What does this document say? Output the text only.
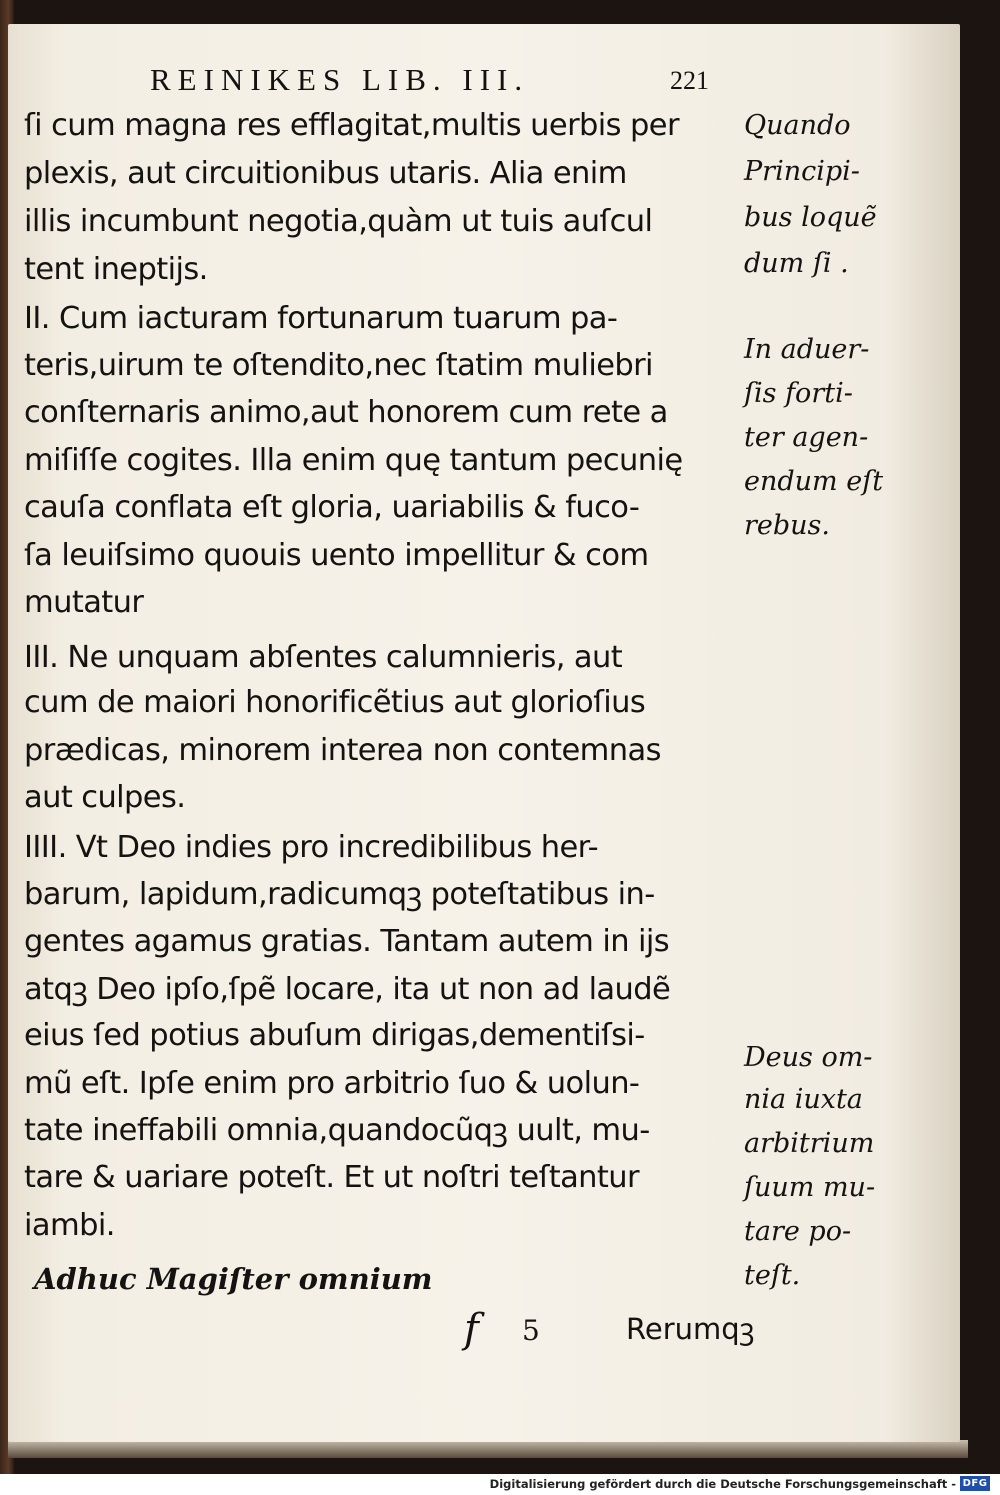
REINIKES LIB. III.	221
ſi cum magna res efflagitat,multis uerbis per
plexis, aut circuitionibus utaris. Alia enim
illis incumbunt negotia,quàm ut tuis auſcul
tent ineptijs.
II. Cum iacturam fortunarum tuarum pa-
teris,uirum te oſtendito,nec ſtatim muliebri
conſternaris animo,aut honorem cum rete a
miſiſſe cogites. Illa enim quę tantum pecunię
cauſa conflata eſt gloria, uariabilis & fuco-
ſa leuiſsimo quouis uento impellitur & com
mutatur
III. Ne unquam abſentes calumnieris, aut
cum de maiori honorificẽtius aut glorioſius
prædicas, minorem interea non contemnas
aut culpes.
IIII. Vt Deo indies pro incredibilibus her-
barum, lapidum,radicumqꝫ poteſtatibus in-
gentes agamus gratias. Tantam autem in ijs
atqꝫ Deo ipſo,ſpẽ locare, ita ut non ad laudẽ
eius ſed potius abuſum dirigas,dementiſsi-
mũ eſt. Ipſe enim pro arbitrio ſuo & uolun-
tate ineffabili omnia,quandocũqꝫ uult, mu-
tare & uariare poteſt. Et ut noſtri teſtantur
iambi.
Adhuc Magiſter omnium
f 5	Rerumqꝫ
Quando
Principi-
bus loquẽ
dum ſi .
In aduer-
ſis forti-
ter agen-
endum eſt
rebus.
Deus om-
nia iuxta
arbitrium
ſuum mu-
tare po-
teſt.
Digitalisierung gefördert durch die Deutsche Forschungsgemeinschaft - DFG
